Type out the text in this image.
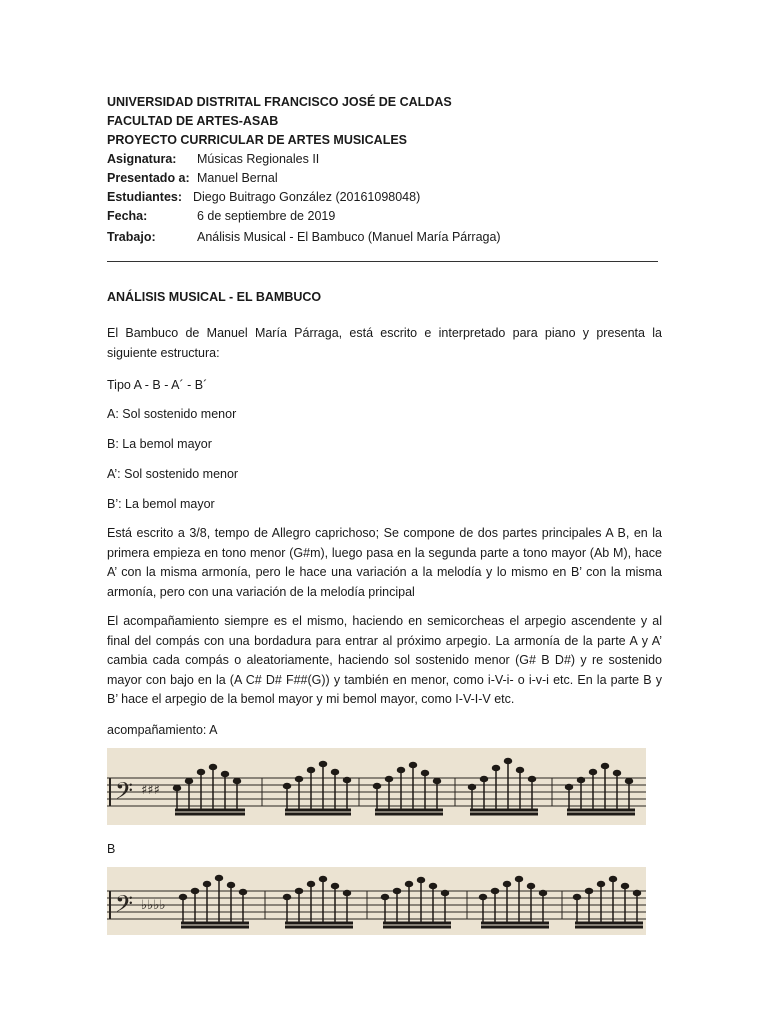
UNIVERSIDAD DISTRITAL FRANCISCO JOSÉ DE CALDAS
FACULTAD DE ARTES-ASAB
PROYECTO CURRICULAR DE ARTES MUSICALES
Asignatura: Músicas Regionales II
Presentado a: Manuel Bernal
Estudiantes: Diego Buitrago González (20161098048)
Fecha:	6 de septiembre de 2019
Trabajo:	Análisis Musical - El Bambuco (Manuel María Párraga)
ANÁLISIS MUSICAL - EL BAMBUCO
El Bambuco de Manuel María Párraga, está escrito e interpretado para piano y presenta la siguiente estructura:
Tipo A - B - A´ - B´
A: Sol sostenido menor
B: La bemol mayor
A’: Sol sostenido menor
B’: La bemol mayor
Está escrito a 3/8, tempo de Allegro caprichoso; Se compone de dos partes principales A B, en la primera empieza en tono menor (G#m), luego pasa en la segunda parte a tono mayor (Ab M), hace A’ con la misma armonía, pero le hace una variación a la melodía y lo mismo en B’ con la misma armonía, pero con una variación de la melodía principal
El acompañamiento siempre es el mismo, haciendo en semicorcheas el arpegio ascendente y al final del compás con una bordadura para entrar al próximo arpegio. La armonía de la parte A y A’ cambia cada compás o aleatoriamente, haciendo sol sostenido menor (G# B D#) y re sostenido mayor con bajo en la (A C# D# F##(G)) y también en menor, como i-V-i- o i-v-i etc. En la parte B y B’ hace el arpegio de la bemol mayor y mi bemol mayor, como I-V-I-V etc.
acompañamiento: A
B
𝄢 ♯♯♯
𝄢 ♭♭♭♭
